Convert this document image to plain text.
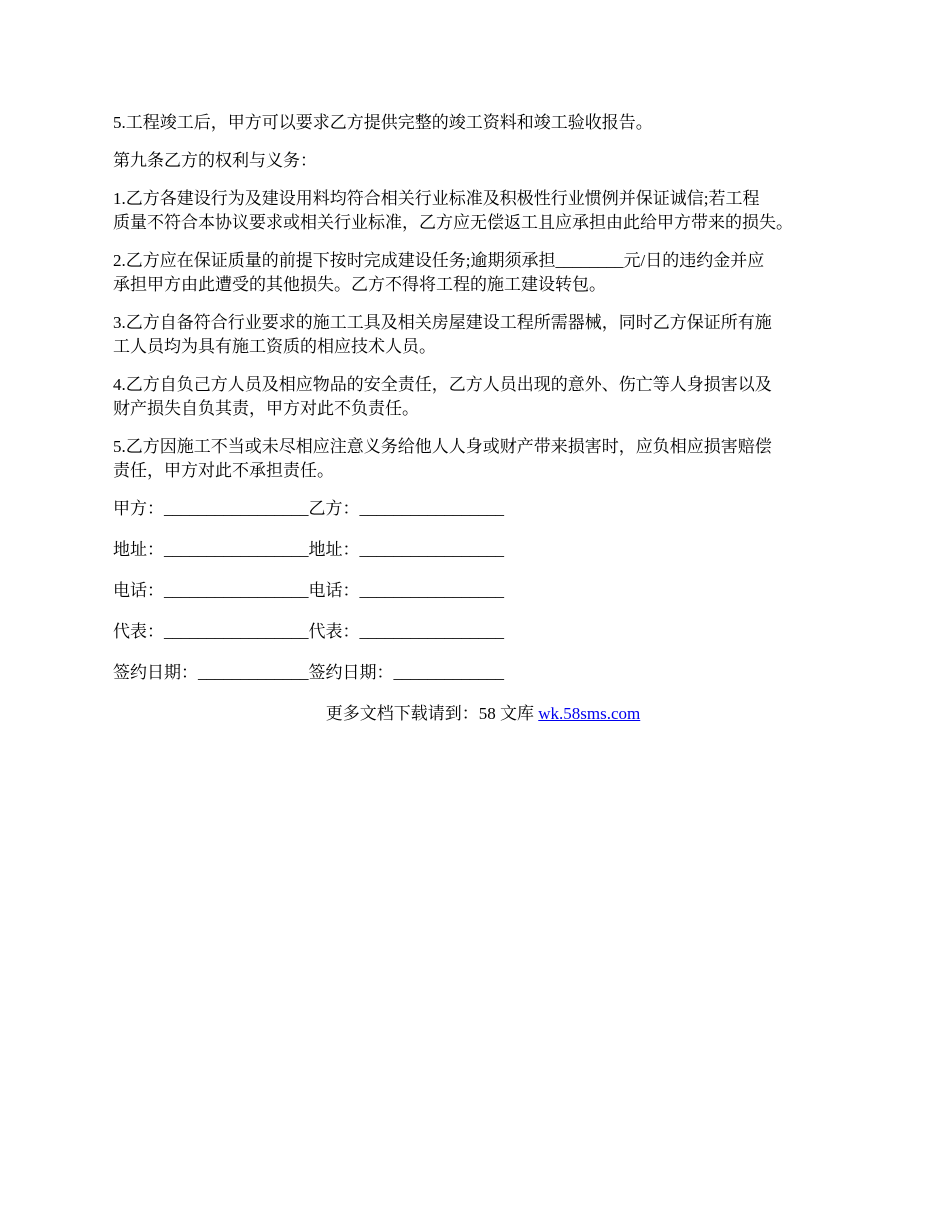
5.工程竣工后，甲方可以要求乙方提供完整的竣工资料和竣工验收报告。

第九条乙方的权利与义务：

1.乙方各建设行为及建设用料均符合相关行业标准及积极性行业惯例并保证诚信;若工程
质量不符合本协议要求或相关行业标准，乙方应无偿返工且应承担由此给甲方带来的损失。

2.乙方应在保证质量的前提下按时完成建设任务;逾期须承担________元/日的违约金并应
承担甲方由此遭受的其他损失。乙方不得将工程的施工建设转包。

3.乙方自备符合行业要求的施工工具及相关房屋建设工程所需器械，同时乙方保证所有施
工人员均为具有施工资质的相应技术人员。

4.乙方自负己方人员及相应物品的安全责任，乙方人员出现的意外、伤亡等人身损害以及
财产损失自负其责，甲方对此不负责任。

5.乙方因施工不当或未尽相应注意义务给他人人身或财产带来损害时，应负相应损害赔偿
责任，甲方对此不承担责任。

甲方：_________________乙方：_________________

地址：_________________地址：_________________

电话：_________________电话：_________________

代表：_________________代表：_________________

签约日期：_____________签约日期：_____________

更多文档下载请到：58 文库 wk.58sms.com
